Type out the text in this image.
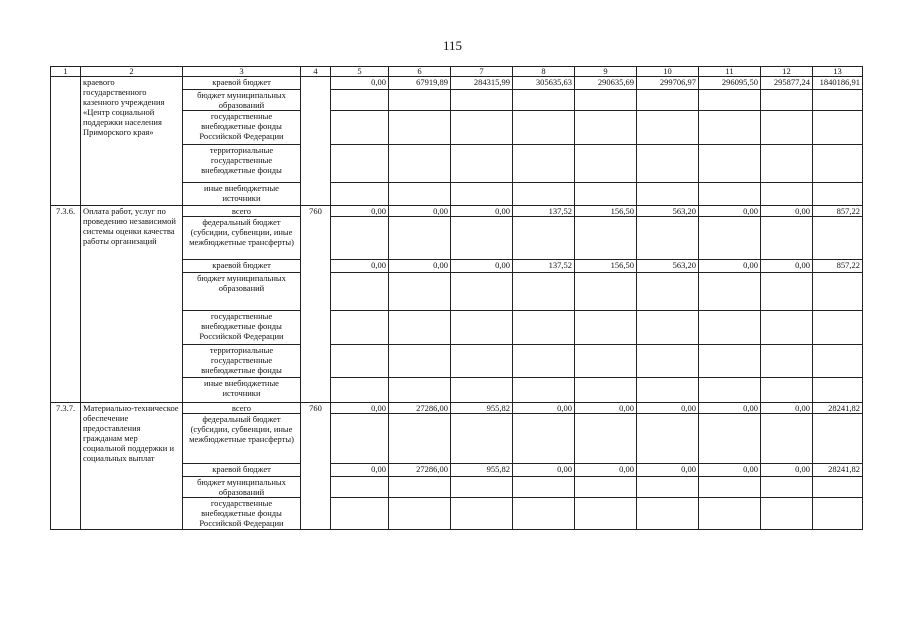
115
1	2	3	4	5	6	7	8	9	10	11	12	13
	краевого государственного казенного учреждения «Центр социальной поддержки населения Приморского края»	краевой бюджет		0,00	67919,89	284315,99	305635,63	290635,69	299706,97	296095,50	295877,24	1840186,91
		бюджет муниципальных образований										
		государственные внебюджетные фонды Российской Федерации										
		территориальные государственные внебюджетные фонды										
		иные внебюджетные источники										
7.3.6.	Оплата работ, услуг по проведению независимой системы оценки качества работы организаций	всего	760	0,00	0,00	0,00	137,52	156,50	563,20	0,00	0,00	857,22
		федеральный бюджет (субсидии, субвенции, иные межбюджетные трансферты)										
		краевой бюджет		0,00	0,00	0,00	137,52	156,50	563,20	0,00	0,00	857,22
		бюджет муниципальных образований										
		государственные внебюджетные фонды Российской Федерации										
		территориальные государственные внебюджетные фонды										
		иные внебюджетные источники										
7.3.7.	Материально-техническое обеспечение предоставления гражданам мер социальной поддержки и социальных выплат	всего	760	0,00	27286,00	955,82	0,00	0,00	0,00	0,00	0,00	28241,82
		федеральный бюджет (субсидии, субвенции, иные межбюджетные трансферты)										
		краевой бюджет		0,00	27286,00	955,82	0,00	0,00	0,00	0,00	0,00	28241,82
		бюджет муниципальных образований										
		государственные внебюджетные фонды Российской Федерации										
